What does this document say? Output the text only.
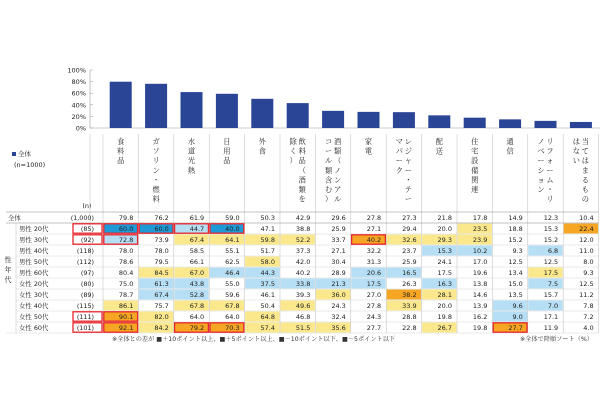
100%
80%
60%
40%
20%
0%
全体
(n=1000)
食料品
ガソリン・燃料
水道光熱
日用品
外食
飲料品（酒類を除く）
酒類（ノンアルコール類含む）
家電
レジャー・テーマパーク
配送
住宅設備関連
通信
リフォーム・リノベーション
当てはまるものはない
(n)
性年代
全体	(1,000)	79.8	76.2	61.9	59.0	50.3	42.9	29.6	27.8	27.3	21.8	17.8	14.9	12.3	10.4
男性 20代	(85)	60.0	60.0	44.7	40.0	47.1	38.8	25.9	27.1	29.4	20.0	23.5	18.8	15.3	22.4
男性 30代	(92)	72.8	73.9	67.4	64.1	59.8	52.2	33.7	40.2	32.6	29.3	23.9	15.2	15.2	12.0
男性 40代	(118)	78.0	78.0	58.5	55.1	51.7	37.3	27.1	32.2	23.7	15.3	10.2	9.3	6.8	11.0
男性 50代	(112)	78.6	79.5	66.1	62.5	58.0	42.0	30.4	31.3	25.9	24.1	17.0	12.5	12.5	8.0
男性 60代	(97)	80.4	84.5	67.0	46.4	44.3	40.2	28.9	20.6	16.5	17.5	19.6	13.4	17.5	9.3
女性 20代	(80)	75.0	61.3	43.8	55.0	37.5	33.8	21.3	17.5	26.3	16.3	13.8	15.0	7.5	12.5
女性 30代	(89)	78.7	67.4	52.8	59.6	46.1	39.3	36.0	27.0	38.2	28.1	14.6	13.5	15.7	11.2
女性 40代	(115)	86.1	75.7	67.8	67.8	50.4	49.6	24.3	27.8	33.9	20.0	13.9	9.6	7.0	7.8
女性 50代	(111)	90.1	82.0	64.0	64.0	64.8	46.8	32.4	24.3	28.8	19.8	16.2	9.0	17.1	7.2
女性 60代	(101)	92.1	84.2	79.2	70.3	57.4	51.5	35.6	27.7	22.8	26.7	19.8	27.7	11.9	4.0
※全体との差が ■＋10ポイント以上、■＋5ポイント以上、■－10ポイント以下、■－5ポイント以下	※全体で降順ソート（%）
